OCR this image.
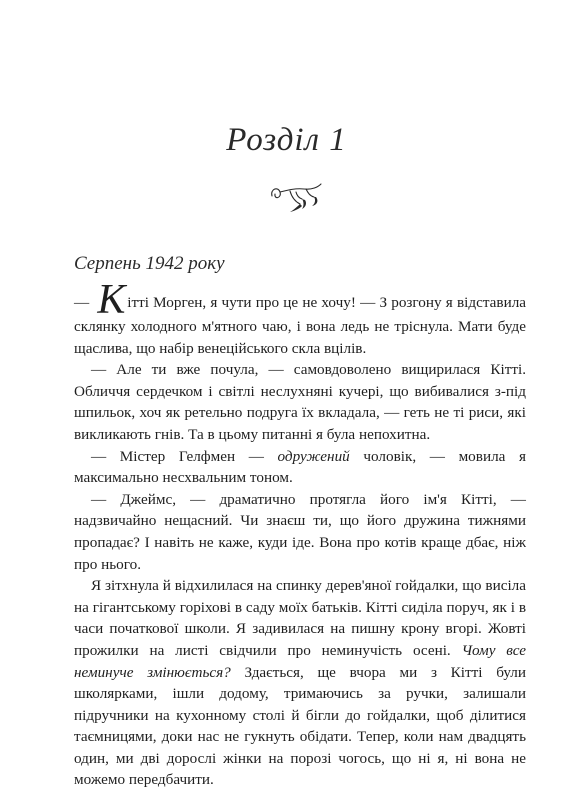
Розділ 1
Серпень 1942 року

— К ітті Морген, я чути про це не хочу! — З розгону я відставила склянку холодного м'ятного чаю, і вона ледь не тріснула. Мати буде щаслива, що набір венеційського скла вцілів.

— Але ти вже почула, — самовдоволено вищирилася Кітті. Обличчя сердечком і світлі неслухняні кучері, що вибивалися з-під шпильок, хоч як ретельно подруга їх вкладала, — геть не ті риси, які викликають гнів. Та в цьому питанні я була непохитна.

— Містер Гелфмен — одружений чоловік, — мовила я максимально несхвальним тоном.

— Джеймс, — драматично протягла його ім'я Кітті, — надзвичайно нещасний. Чи знаєш ти, що його дружина тижнями пропадає? І навіть не каже, куди іде. Вона про котів краще дбає, ніж про нього.

Я зітхнула й відхилилася на спинку дерев'яної гойдалки, що висіла на гігантському горіхові в саду моїх батьків. Кітті сиділа поруч, як і в часи початкової школи. Я задивилася на пишну крону вгорі. Жовті прожилки на листі свідчили про неминучість осені. Чому все неминуче змінюється? Здається, ще вчора ми з Кітті були школярками, ішли додому, тримаючись за ручки, залишали підручники на кухонному столі й бігли до гойдалки, щоб ділитися таємницями, доки нас не гукнуть обідати. Тепер, коли нам двадцять один, ми дві дорослі жінки на порозі чогось, що ні я, ні вона не можемо передбачити.
